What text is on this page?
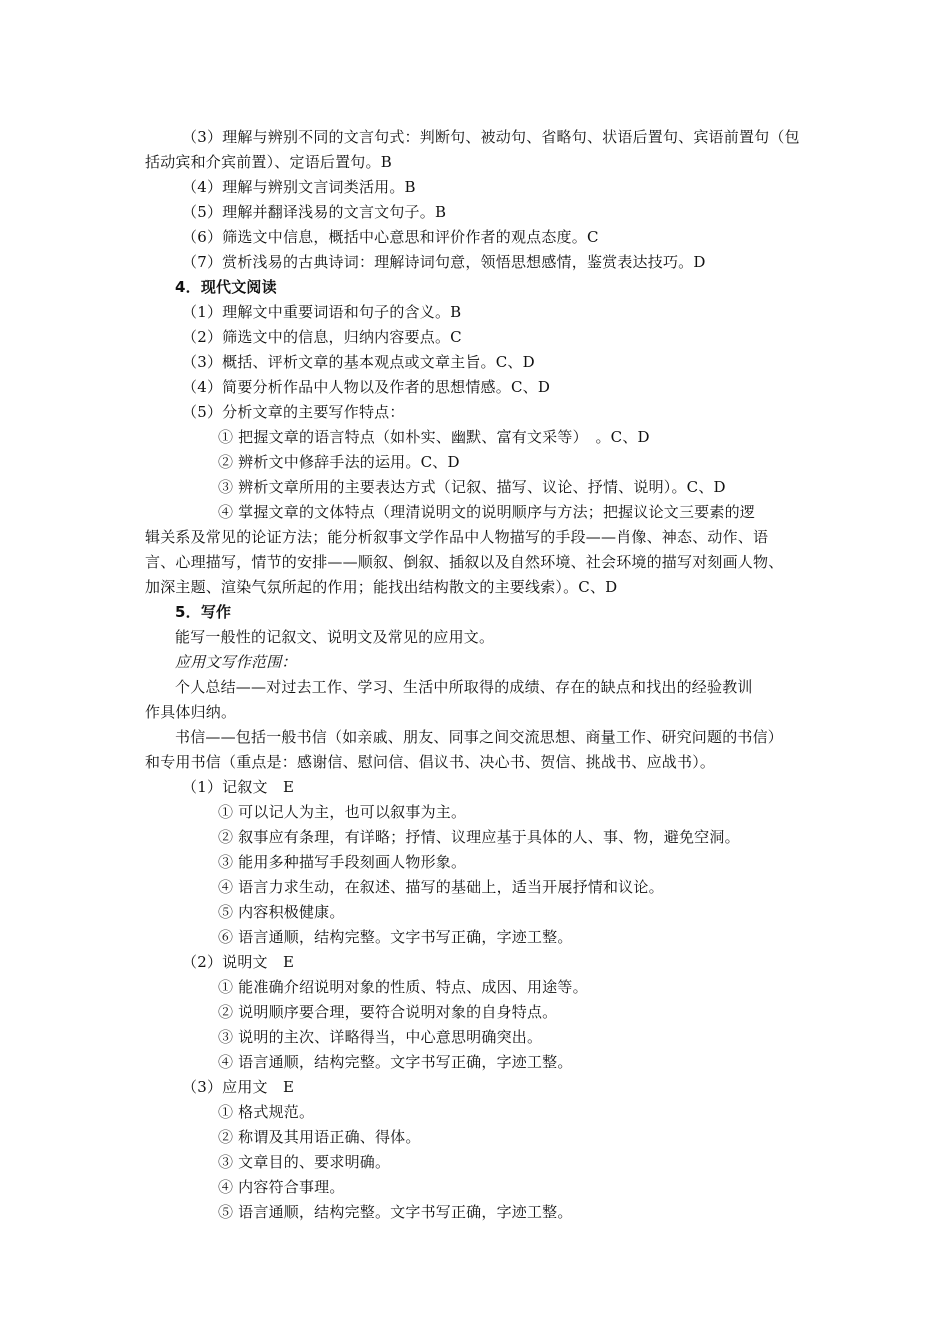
（3）理解与辨别不同的文言句式：判断句、被动句、省略句、状语后置句、宾语前置句（包
括动宾和介宾前置）、定语后置句。B
（4）理解与辨别文言词类活用。B
（5）理解并翻译浅易的文言文句子。B
（6）筛选文中信息，概括中心意思和评价作者的观点态度。C
（7）赏析浅易的古典诗词：理解诗词句意，领悟思想感情，鉴赏表达技巧。D
4．现代文阅读
（1）理解文中重要词语和句子的含义。B
（2）筛选文中的信息，归纳内容要点。C
（3）概括、评析文章的基本观点或文章主旨。C、D
（4）简要分析作品中人物以及作者的思想情感。C、D
（5）分析文章的主要写作特点：
① 把握文章的语言特点（如朴实、幽默、富有文采等）　。C、D
② 辨析文中修辞手法的运用。C、D
③ 辨析文章所用的主要表达方式（记叙、描写、议论、抒情、说明）。C、D
④ 掌握文章的文体特点（理清说明文的说明顺序与方法；把握议论文三要素的逻
辑关系及常见的论证方法；能分析叙事文学作品中人物描写的手段——肖像、神态、动作、语
言、心理描写，情节的安排——顺叙、倒叙、插叙以及自然环境、社会环境的描写对刻画人物、
加深主题、渲染气氛所起的作用；能找出结构散文的主要线索）。C、D
5．写作
能写一般性的记叙文、说明文及常见的应用文。
应用文写作范围：
个人总结——对过去工作、学习、生活中所取得的成绩、存在的缺点和找出的经验教训
作具体归纳。
书信——包括一般书信（如亲戚、朋友、同事之间交流思想、商量工作、研究问题的书信）
和专用书信（重点是：感谢信、慰问信、倡议书、决心书、贺信、挑战书、应战书）。
（1）记叙文　E
① 可以记人为主，也可以叙事为主。
② 叙事应有条理，有详略；抒情、议理应基于具体的人、事、物，避免空洞。
③ 能用多种描写手段刻画人物形象。
④ 语言力求生动，在叙述、描写的基础上，适当开展抒情和议论。
⑤ 内容积极健康。
⑥ 语言通顺，结构完整。文字书写正确，字迹工整。
（2）说明文　E
① 能准确介绍说明对象的性质、特点、成因、用途等。
② 说明顺序要合理，要符合说明对象的自身特点。
③ 说明的主次、详略得当，中心意思明确突出。
④ 语言通顺，结构完整。文字书写正确，字迹工整。
（3）应用文　E
① 格式规范。
② 称谓及其用语正确、得体。
③ 文章目的、要求明确。
④ 内容符合事理。
⑤ 语言通顺，结构完整。文字书写正确，字迹工整。
